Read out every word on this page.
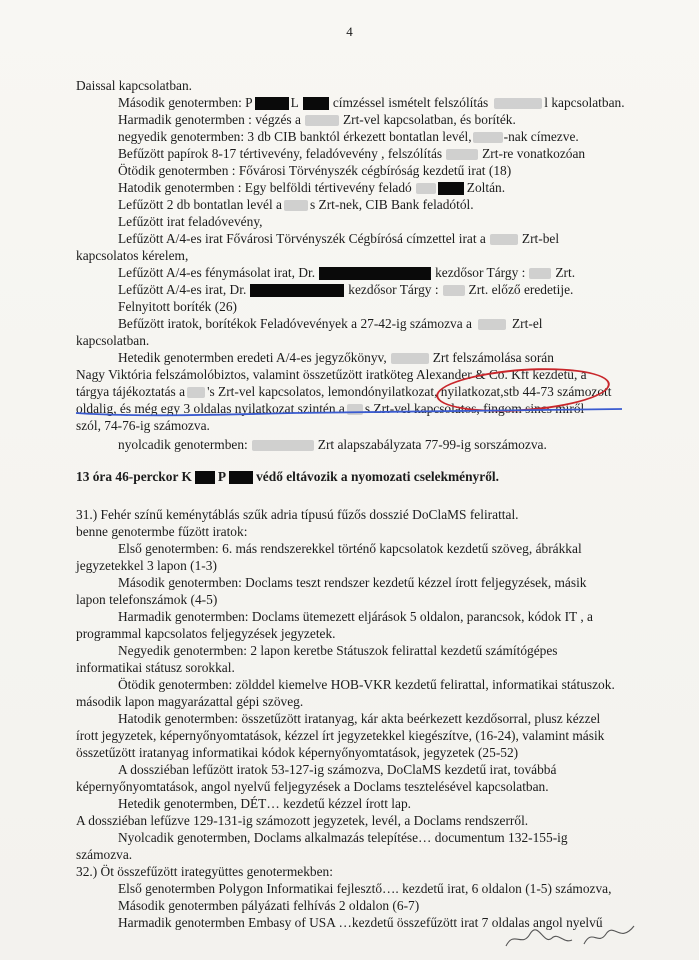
4
Daissal kapcsolatban.
Második genotermben: P	L	címzéssel ismételt felszólítás	l kapcsolatban.
Harmadik genotermben : végzés a	Zrt-vel kapcsolatban, és boríték.
negyedik genotermben: 3 db CIB banktól érkezett bontatlan levél, -nak címezve.
Befűzött papírok 8-17 tértivevény, feladóvevény , felszólítás	Zrt-re vonatkozóan
Ötödik genotermben : Fővárosi Törvényszék cégbíróság kezdetű irat (18)
Hatodik genotermben : Egy belföldi tértivevény feladó	Zoltán.
Lefűzött 2 db bontatlan levél a s Zrt-nek, CIB Bank feladótól.
Lefűzött irat feladóvevény,
Lefűzött A/4-es irat Fővárosi Törvényszék Cégbírósá címzettel irat a	Zrt-bel
kapcsolatos kérelem,
Lefűzött A/4-es fénymásolat irat, Dr.	kezdősor Tárgy : Zrt.
Lefűzött A/4-es irat, Dr.	kezdősor Tárgy : Zrt. előző eredetije.
Felnyitott boríték (26)
Befűzött iratok, borítékok Feladóvevények a 27-42-ig számozva a	Zrt-el
kapcsolatban.
Hetedik genotermben eredeti A/4-es jegyzőkönyv,	Zrt felszámolása során
Nagy Viktória felszámolóbiztos, valamint összetűzött iratköteg Alexander & Co. Kft kezdetű, a
tárgya tájékoztatás a 's Zrt-vel kapcsolatos, lemondónyilatkozat, nyilatkozat,stb 44-73 számozott
oldalig, és még egy 3 oldalas nyilatkozat szintén a s Zrt-vel kapcsolatos, fingom sincs miről
szól, 74-76-ig számozva.
nyolcadik genotermben:	Zrt alapszabályzata 77-99-ig sorszámozva.
13 óra 46-perckor K P védő eltávozik a nyomozati cselekményről.
31.) Fehér színű keménytáblás szűk adria típusú fűzős dosszié DoClaMS felirattal.
benne genotermbe fűzött iratok:
Első genotermben: 6. más rendszerekkel történő kapcsolatok kezdetű szöveg, ábrákkal
jegyzetekkel 3 lapon (1-3)
Második genotermben: Doclams teszt rendszer kezdetű kézzel írott feljegyzések, másik
lapon telefonszámok (4-5)
Harmadik genotermben: Doclams ütemezett eljárások 5 oldalon, parancsok, kódok IT , a
programmal kapcsolatos feljegyzések jegyzetek.
Negyedik genotermben: 2 lapon keretbe Státuszok felirattal kezdetű számítógépes
informatikai státusz sorokkal.
Ötödik genotermben: zölddel kiemelve HOB-VKR kezdetű felirattal, informatikai státuszok.
második lapon magyarázattal gépi szöveg.
Hatodik genotermben: összetűzött iratanyag, kár akta beérkezett kezdősorral, plusz kézzel
írott jegyzetek, képernyőnyomtatások, kézzel írt jegyzetekkel kiegészítve, (16-24), valamint másik
összetűzött iratanyag informatikai kódok képernyőnyomtatások, jegyzetek (25-52)
A dossziéban lefűzött iratok 53-127-ig számozva, DoClaMS kezdetű irat, továbbá
képernyőnyomtatások, angol nyelvű feljegyzések a Doclams tesztelésével kapcsolatban.
Hetedik genotermben, DÉT… kezdetű kézzel írott lap.
A dossziéban lefűzve 129-131-ig számozott jegyzetek, levél, a Doclams rendszerről.
Nyolcadik genotermben, Doclams alkalmazás telepítése… documentum 132-155-ig
számozva.
32.) Öt összefűzött irategyüttes genotermekben:
Első genotermben Polygon Informatikai fejlesztő…. kezdetű irat, 6 oldalon (1-5) számozva,
Második genotermben pályázati felhívás 2 oldalon (6-7)
Harmadik genotermben Embasy of USA …kezdetű összefűzött irat 7 oldalas angol nyelvű
